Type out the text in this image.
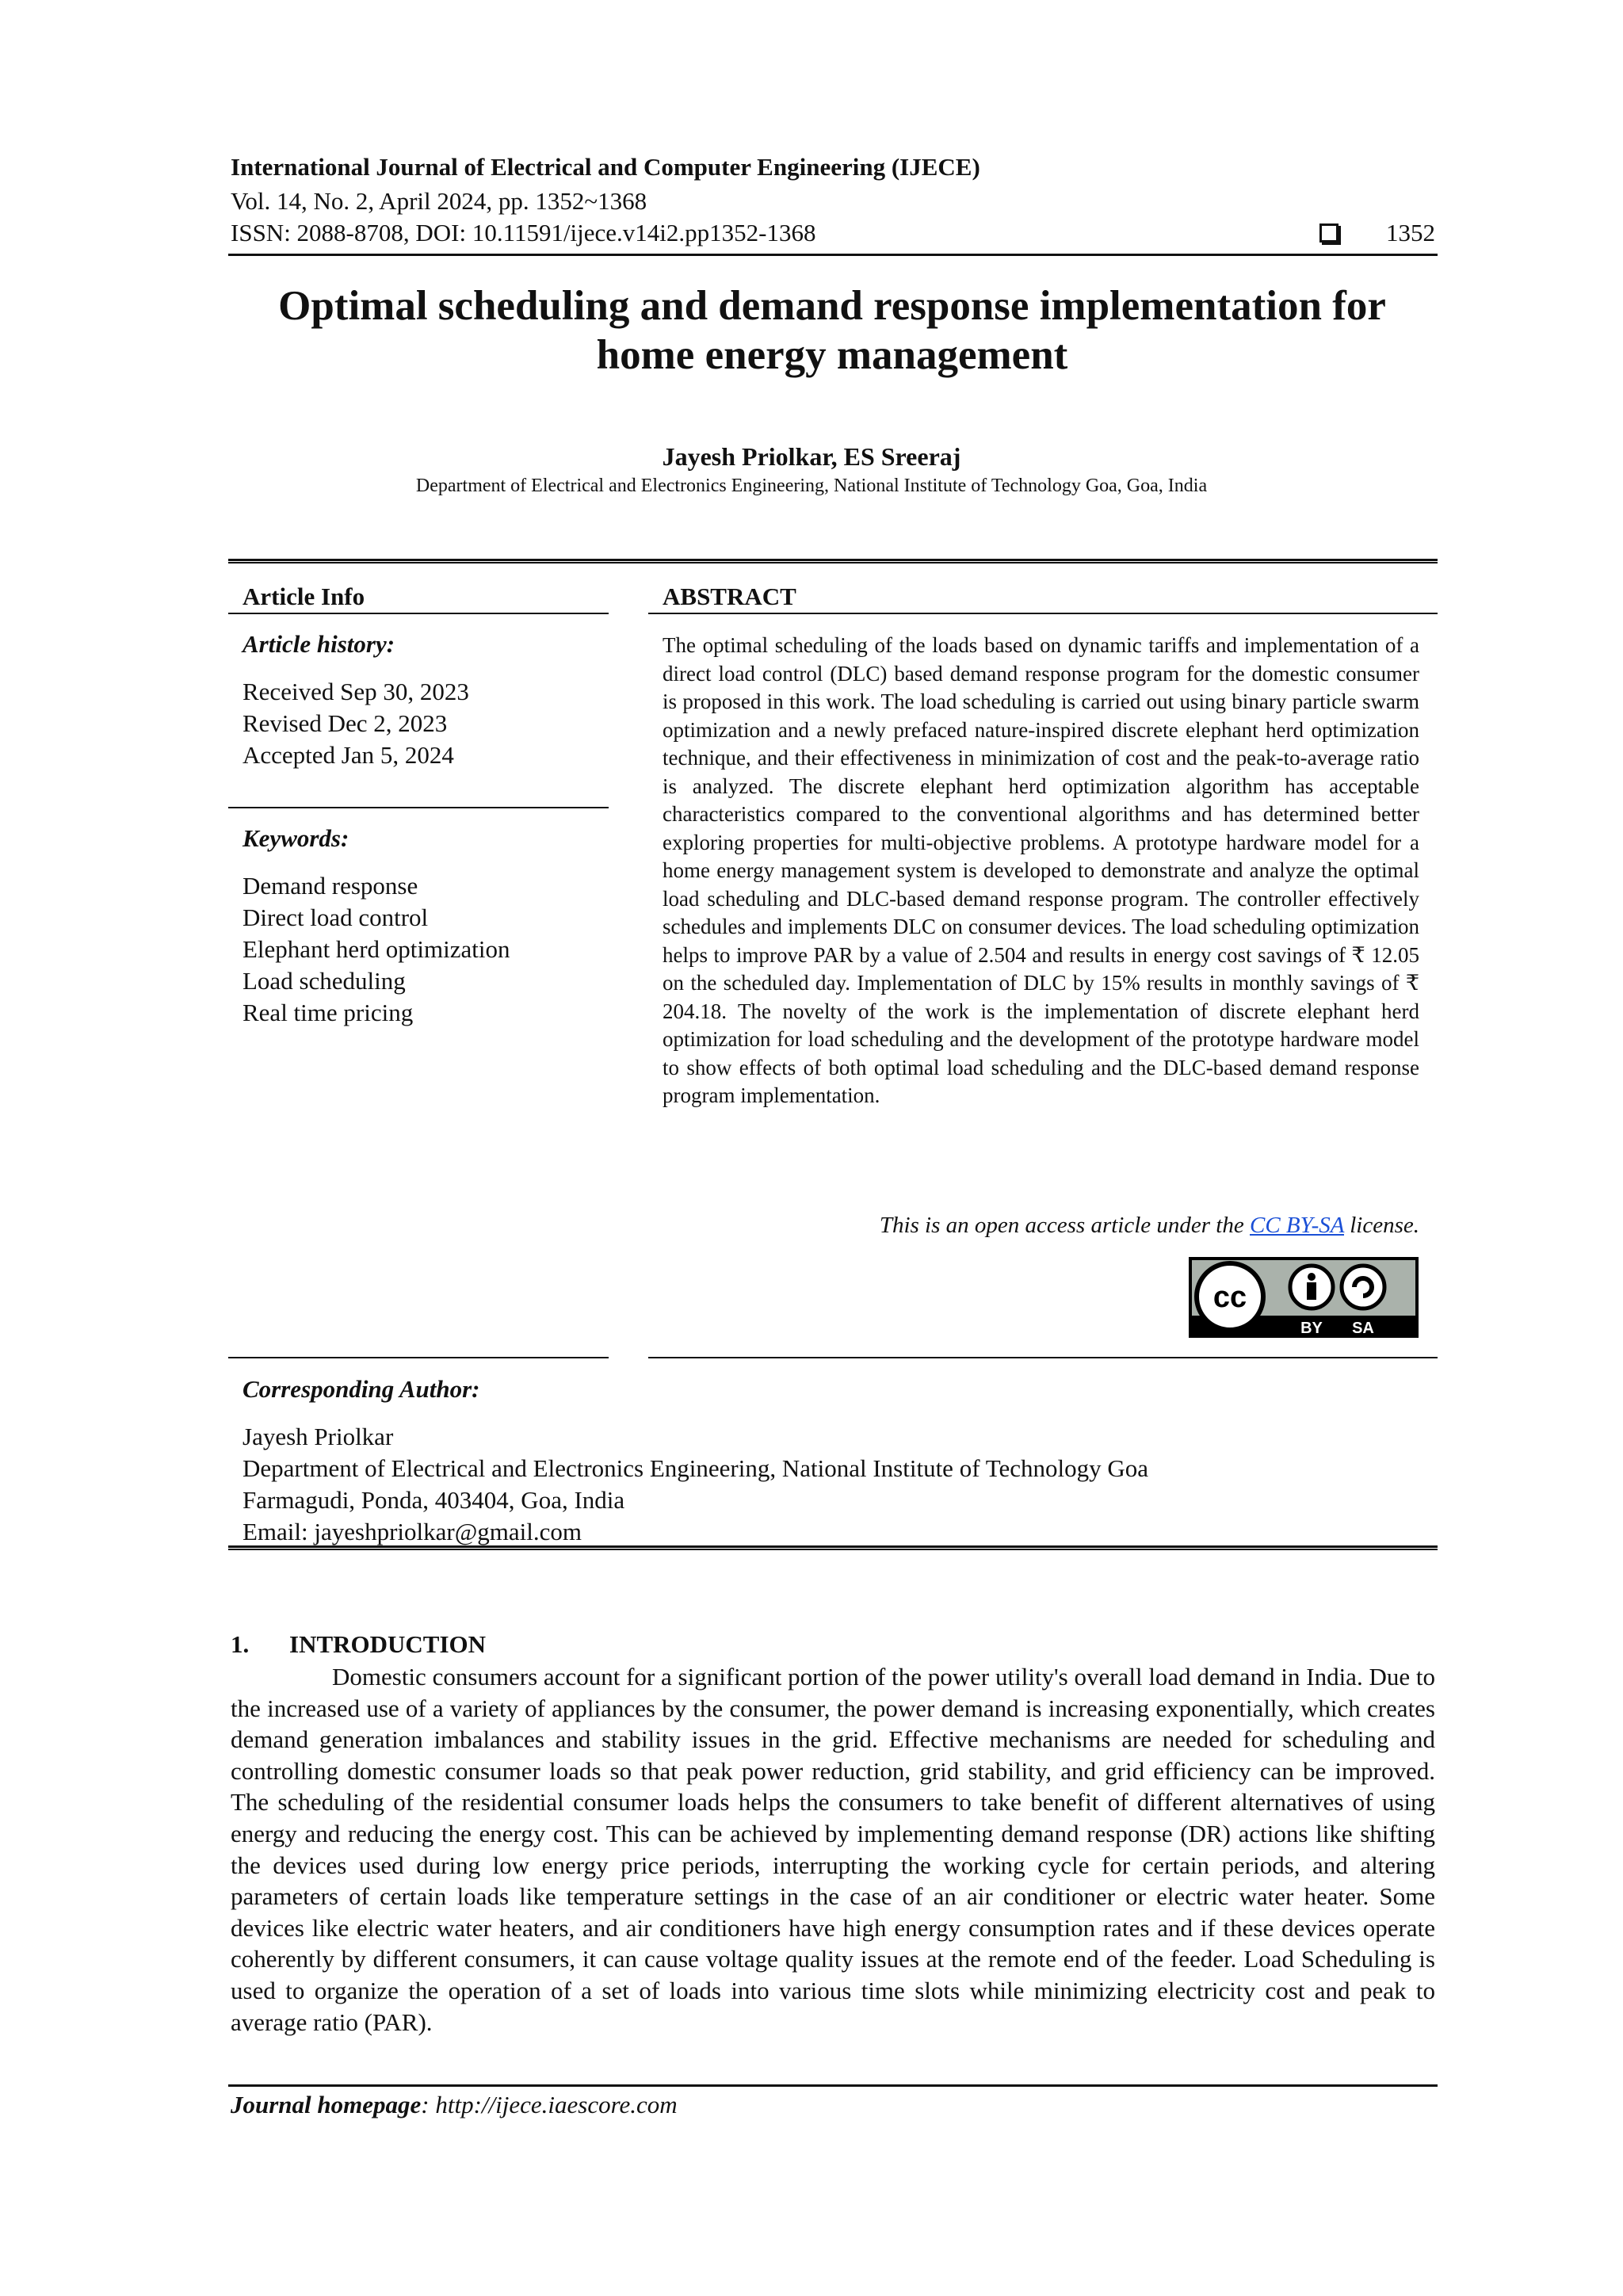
International Journal of Electrical and Computer Engineering (IJECE)
Vol. 14, No. 2, April 2024, pp. 1352~1368
ISSN: 2088-8708, DOI: 10.11591/ijece.v14i2.pp1352-1368	1352
Optimal scheduling and demand response implementation for
home energy management
Jayesh Priolkar, ES Sreeraj
Department of Electrical and Electronics Engineering, National Institute of Technology Goa, Goa, India
Article Info
Article history:
Received Sep 30, 2023
Revised Dec 2, 2023
Accepted Jan 5, 2024
Keywords:
Demand response
Direct load control
Elephant herd optimization
Load scheduling
Real time pricing
ABSTRACT
The optimal scheduling of the loads based on dynamic tariffs and implementation of a direct load control (DLC) based demand response program for the domestic consumer is proposed in this work. The load scheduling is carried out using binary particle swarm optimization and a newly prefaced nature-inspired discrete elephant herd optimization technique, and their effectiveness in minimization of cost and the peak-to-average ratio is analyzed. The discrete elephant herd optimization algorithm has acceptable characteristics compared to the conventional algorithms and has determined better exploring properties for multi-objective problems. A prototype hardware model for a home energy management system is developed to demonstrate and analyze the optimal load scheduling and DLC-based demand response program. The controller effectively schedules and implements DLC on consumer devices. The load scheduling optimization helps to improve PAR by a value of 2.504 and results in energy cost savings of ₹ 12.05 on the scheduled day. Implementation of DLC by 15% results in monthly savings of ₹ 204.18. The novelty of the work is the implementation of discrete elephant herd optimization for load scheduling and the development of the prototype hardware model to show effects of both optimal load scheduling and the DLC-based demand response program implementation.
This is an open access article under the CC BY-SA license.
cc
BY SA
Corresponding Author:
Jayesh Priolkar
Department of Electrical and Electronics Engineering, National Institute of Technology Goa
Farmagudi, Ponda, 403404, Goa, India
Email: jayeshpriolkar@gmail.com
1. INTRODUCTION
Domestic consumers account for a significant portion of the power utility's overall load demand in India. Due to the increased use of a variety of appliances by the consumer, the power demand is increasing exponentially, which creates demand generation imbalances and stability issues in the grid. Effective mechanisms are needed for scheduling and controlling domestic consumer loads so that peak power reduction, grid stability, and grid efficiency can be improved. The scheduling of the residential consumer loads helps the consumers to take benefit of different alternatives of using energy and reducing the energy cost. This can be achieved by implementing demand response (DR) actions like shifting the devices used during low energy price periods, interrupting the working cycle for certain periods, and altering parameters of certain loads like temperature settings in the case of an air conditioner or electric water heater. Some devices like electric water heaters, and air conditioners have high energy consumption rates and if these devices operate coherently by different consumers, it can cause voltage quality issues at the remote end of the feeder. Load Scheduling is used to organize the operation of a set of loads into various time slots while minimizing electricity cost and peak to average ratio (PAR).
Journal homepage: http://ijece.iaescore.com
